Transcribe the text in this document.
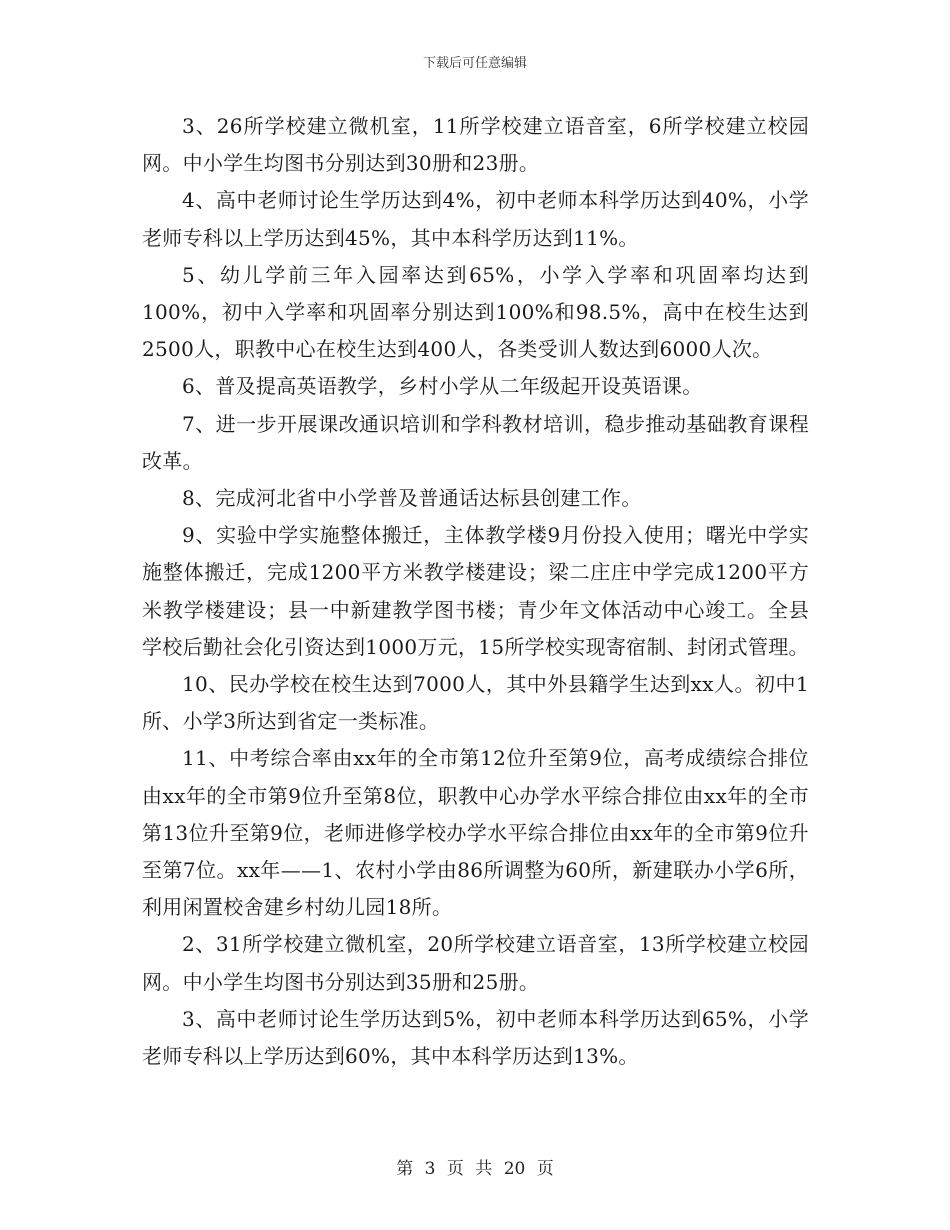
下载后可任意编辑

3、26所学校建立微机室，11所学校建立语音室，6所学校建立校园网。中小学生均图书分别达到30册和23册。

4、高中老师讨论生学历达到4%，初中老师本科学历达到40%，小学老师专科以上学历达到45%，其中本科学历达到11%。

5、幼儿学前三年入园率达到65%，小学入学率和巩固率均达到100%，初中入学率和巩固率分别达到100%和98.5%，高中在校生达到2500人，职教中心在校生达到400人，各类受训人数达到6000人次。

6、普及提高英语教学，乡村小学从二年级起开设英语课。

7、进一步开展课改通识培训和学科教材培训，稳步推动基础教育课程改革。

8、完成河北省中小学普及普通话达标县创建工作。

9、实验中学实施整体搬迁，主体教学楼9月份投入使用；曙光中学实施整体搬迁，完成1200平方米教学楼建设；梁二庄庄中学完成1200平方米教学楼建设；县一中新建教学图书楼；青少年文体活动中心竣工。全县学校后勤社会化引资达到1000万元，15所学校实现寄宿制、封闭式管理。

10、民办学校在校生达到7000人，其中外县籍学生达到xx人。初中1所、小学3所达到省定一类标准。

11、中考综合率由xx年的全市第12位升至第9位，高考成绩综合排位由xx年的全市第9位升至第8位，职教中心办学水平综合排位由xx年的全市第13位升至第9位，老师进修学校办学水平综合排位由xx年的全市第9位升至第7位。xx年——1、农村小学由86所调整为60所，新建联办小学6所，利用闲置校舍建乡村幼儿园18所。

2、31所学校建立微机室，20所学校建立语音室，13所学校建立校园网。中小学生均图书分别达到35册和25册。

3、高中老师讨论生学历达到5%，初中老师本科学历达到65%，小学老师专科以上学历达到60%，其中本科学历达到13%。

第 3 页 共 20 页
